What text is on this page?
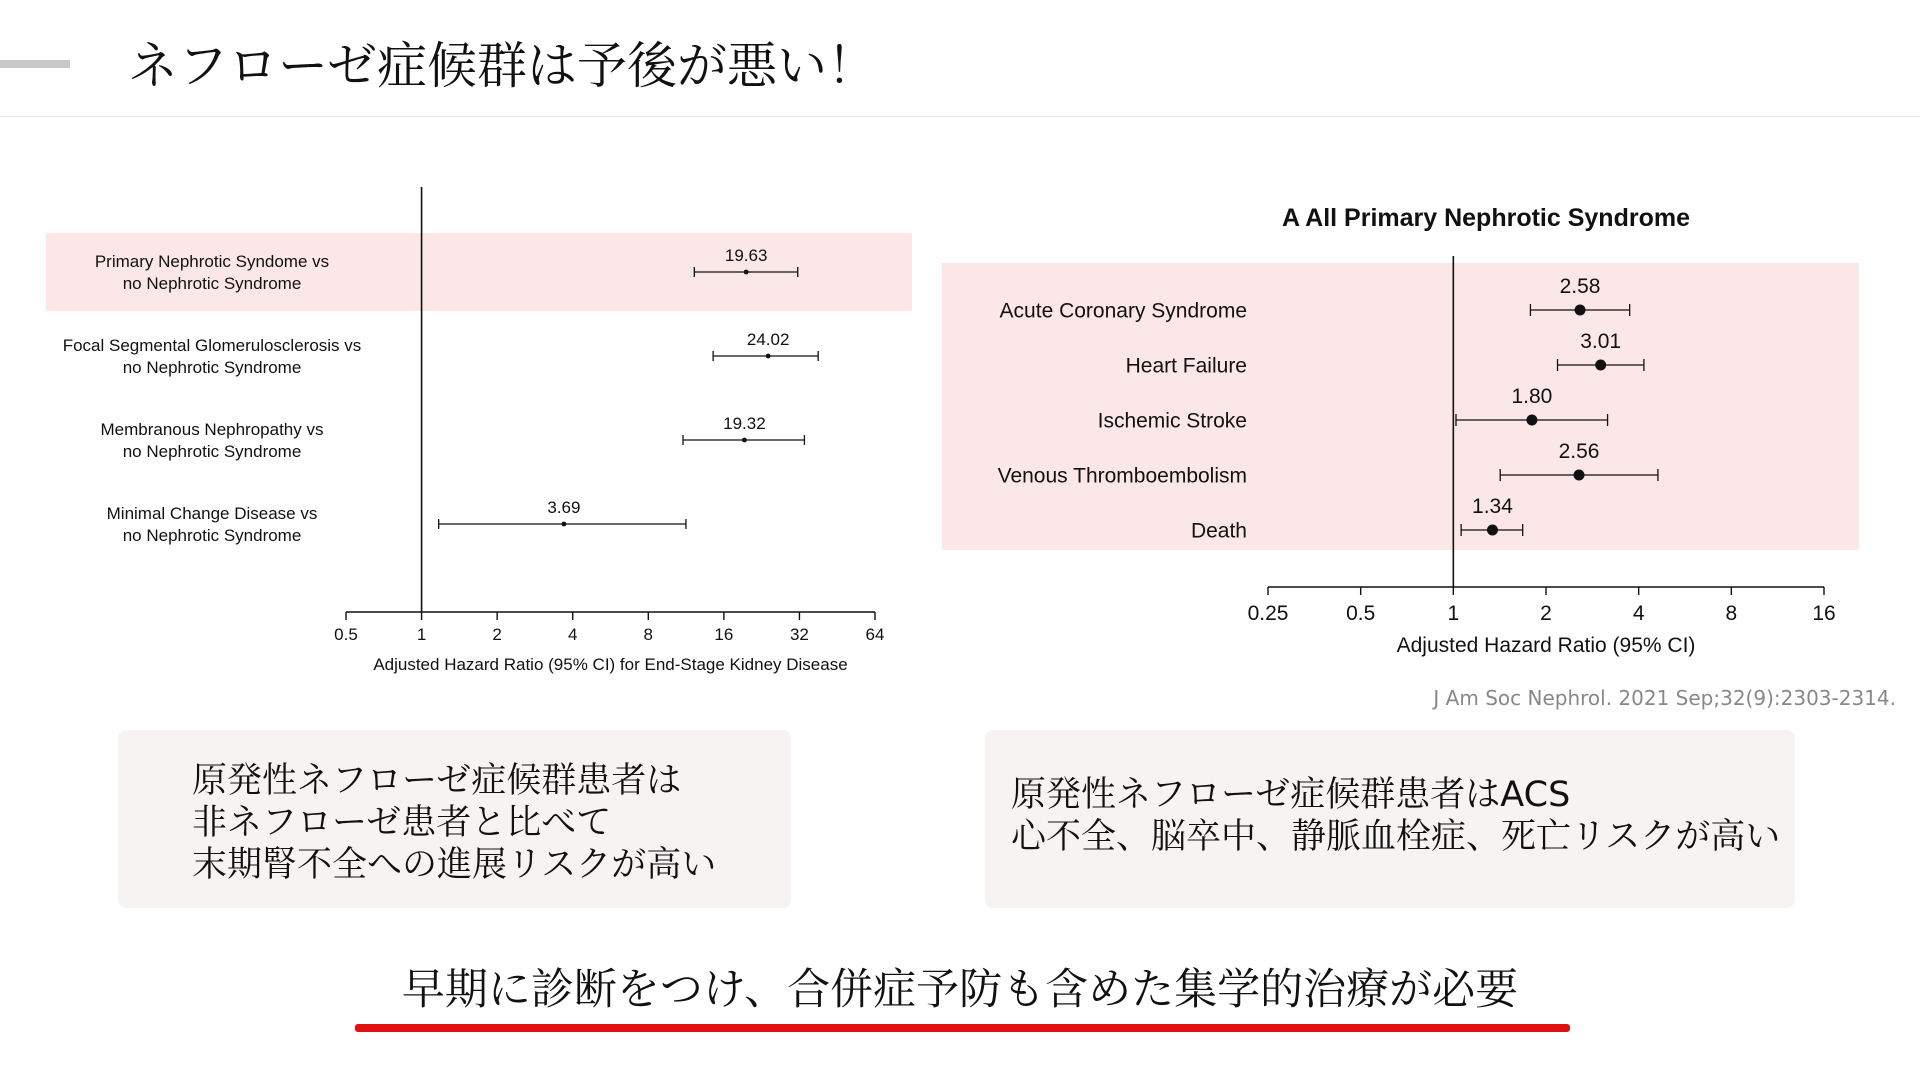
ネフローゼ症候群は予後が悪い！
0.5	1	2	4	8	16	32	64
Adjusted Hazard Ratio (95% CI) for End-Stage Kidney Disease
Primary Nephrotic Syndome vs
no Nephrotic Syndrome
19.63
Focal Segmental Glomerulosclerosis vs
no Nephrotic Syndrome
24.02
Membranous Nephropathy vs
no Nephrotic Syndrome
19.32
Minimal Change Disease vs
no Nephrotic Syndrome
3.69
A All Primary Nephrotic Syndrome
0.25	0.5	1	2	4	8	16
Adjusted Hazard Ratio (95% CI)
Acute Coronary Syndrome
2.58
Heart Failure
3.01
Ischemic Stroke
1.80
Venous Thromboembolism
2.56
Death
1.34
J Am Soc Nephrol. 2021 Sep;32(9):2303-2314.
原発性ネフローゼ症候群患者は
非ネフローゼ患者と比べて
末期腎不全への進展リスクが高い
原発性ネフローゼ症候群患者はACS
心不全、脳卒中、静脈血栓症、死亡リスクが高い
早期に診断をつけ、合併症予防も含めた集学的治療が必要
